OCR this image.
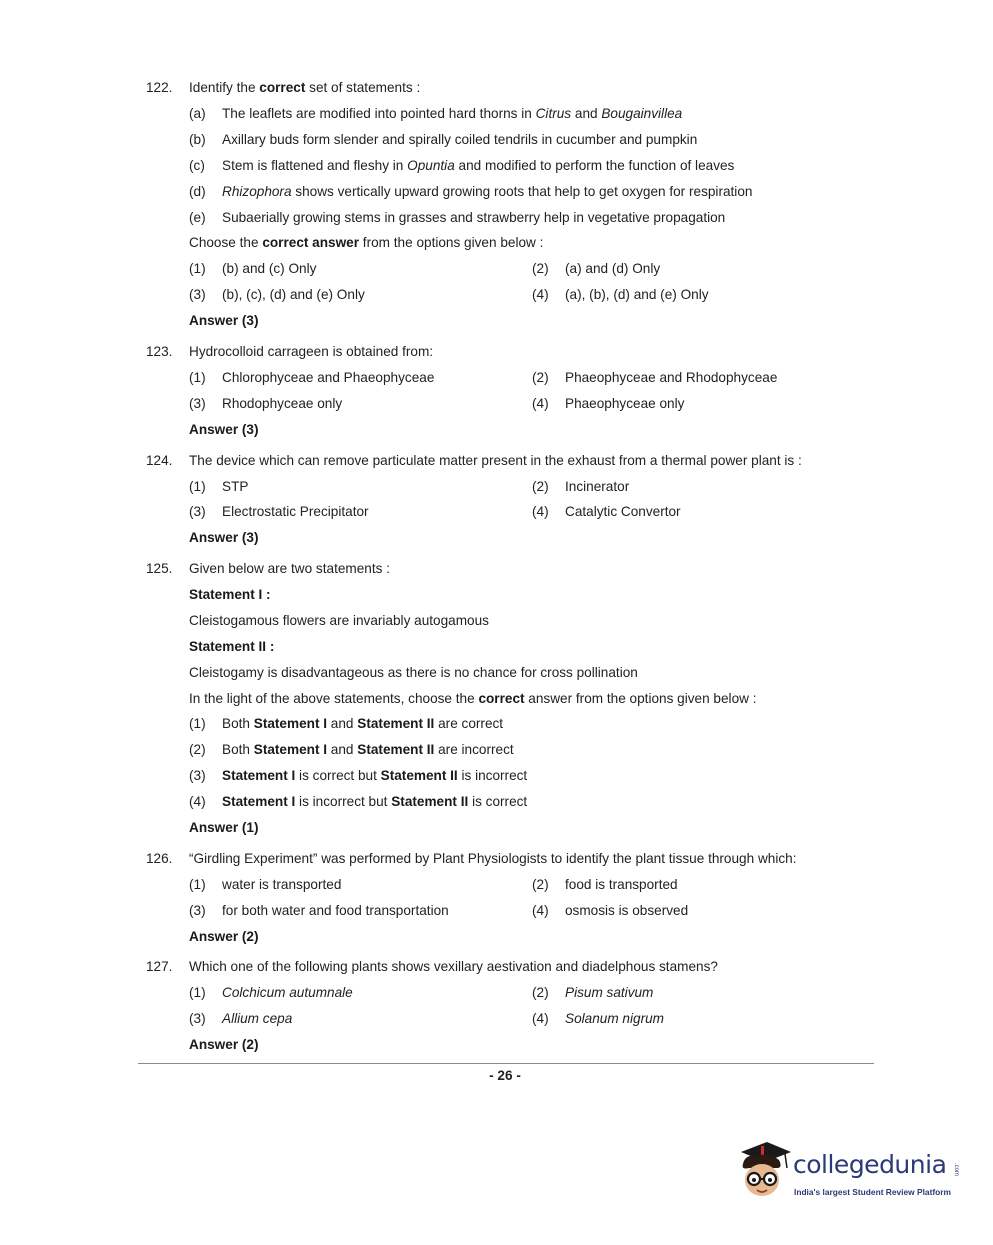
122. Identify the correct set of statements :
(a) The leaflets are modified into pointed hard thorns in Citrus and Bougainvillea
(b) Axillary buds form slender and spirally coiled tendrils in cucumber and pumpkin
(c) Stem is flattened and fleshy in Opuntia and modified to perform the function of leaves
(d) Rhizophora shows vertically upward growing roots that help to get oxygen for respiration
(e) Subaerially growing stems in grasses and strawberry help in vegetative propagation
Choose the correct answer from the options given below :
(1) (b) and (c) Only	(2) (a) and (d) Only
(3) (b), (c), (d) and (e) Only	(4) (a), (b), (d) and (e) Only
Answer (3)
123. Hydrocolloid carrageen is obtained from:
(1) Chlorophyceae and Phaeophyceae	(2) Phaeophyceae and Rhodophyceae
(3) Rhodophyceae only	(4) Phaeophyceae only
Answer (3)
124. The device which can remove particulate matter present in the exhaust from a thermal power plant is :
(1) STP	(2) Incinerator
(3) Electrostatic Precipitator	(4) Catalytic Convertor
Answer (3)
125. Given below are two statements :
Statement I :
Cleistogamous flowers are invariably autogamous
Statement II :
Cleistogamy is disadvantageous as there is no chance for cross pollination
In the light of the above statements, choose the correct answer from the options given below :
(1) Both Statement I and Statement II are correct
(2) Both Statement I and Statement II are incorrect
(3) Statement I is correct but Statement II is incorrect
(4) Statement I is incorrect but Statement II is correct
Answer (1)
126. “Girdling Experiment” was performed by Plant Physiologists to identify the plant tissue through which:
(1) water is transported	(2) food is transported
(3) for both water and food transportation	(4) osmosis is observed
Answer (2)
127. Which one of the following plants shows vexillary aestivation and diadelphous stamens?
(1) Colchicum autumnale	(2) Pisum sativum
(3) Allium cepa	(4) Solanum nigrum
Answer (2)
- 26 -
collegedunia .com
India's largest Student Review Platform
